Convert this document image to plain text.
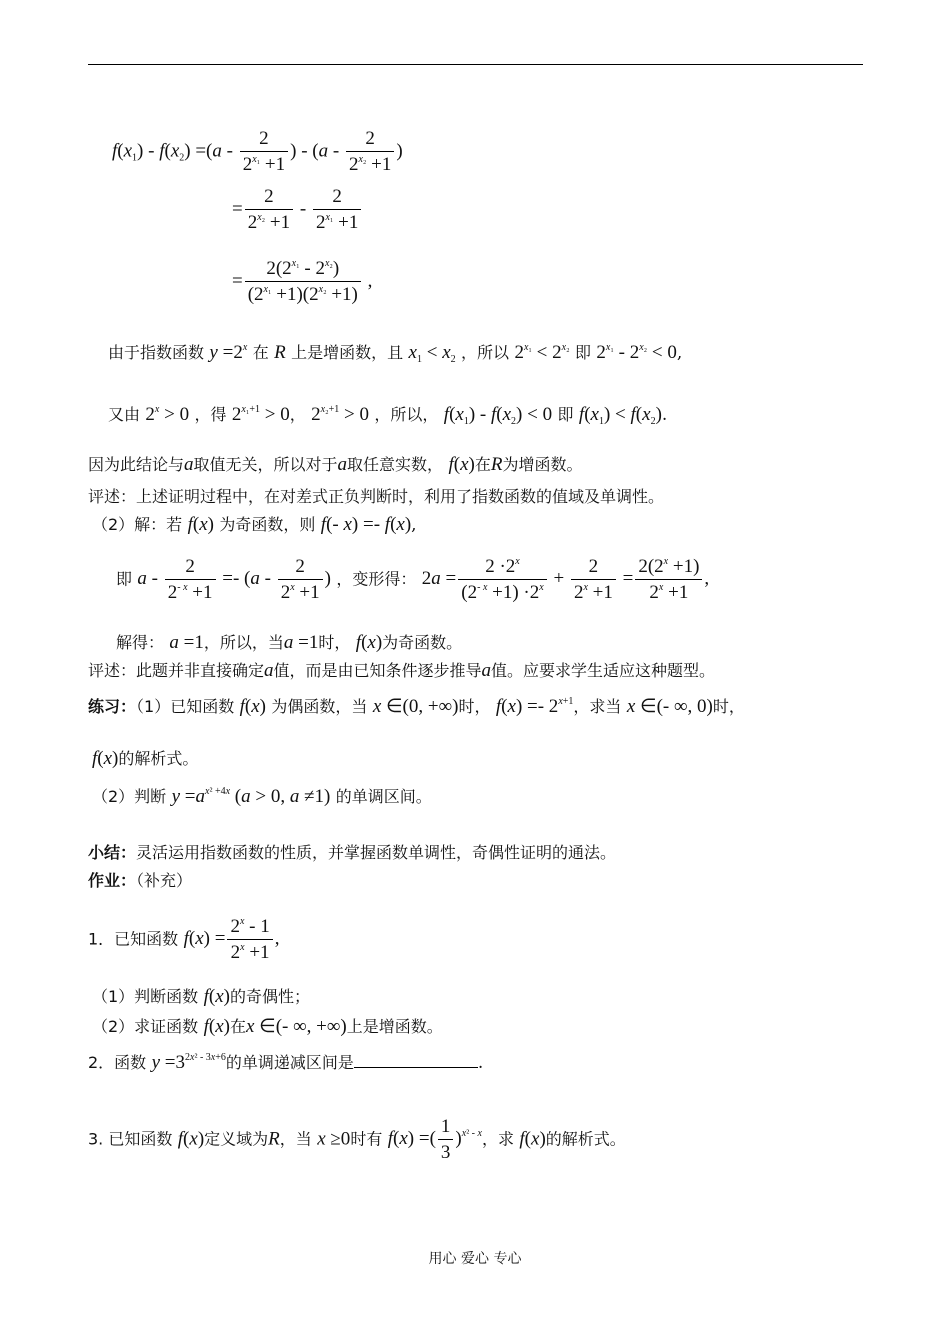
$f(x_1) - f(x_2) =(a - \frac{2}{2^{x_1} +1}$ ) - ($a - \frac{2}{2^{x_2} +1}$ )
= $\frac{2}{2^{x_2} +1} - \frac{2}{2^{x_1} +1}$
= $\frac{2(2^{x_1} - 2^{x_2})}{(2^{x_1} +1)(2^{x_2} +1)}$ ,
由于指数函数 $y =2^x$ 在 R 上是增函数，且 $x_1 < x_2$ ，所以 $2^{x_1} < 2^{x_2}$ 即 $2^{x_1} - 2^{x_2} < 0$,
又由 $2^x > 0$ ，得 $2^{x_1+1} > 0$， $2^{x_2+1} > 0$ ，所以， $f(x_1) - f(x_2) < 0$ 即 $f(x_1) < f(x_2)$.
因为此结论与a取值无关，所以对于a取任意实数， f(x)在R为增函数。
评述：上述证明过程中，在对差式正负判断时，利用了指数函数的值域及单调性。
（2）解：若 f(x) 为奇函数，则 f(- x) =- f(x),
即 $a - \frac{2}{2^{- x} +1} =- (a - \frac{2}{2^x +1}$ ) ，变形得： $2a = \frac{2 \cdot 2^x}{(2^{- x} +1) \cdot 2^x} + \frac{2}{2^x +1} = \frac{2(2^x +1)}{2^x +1}$ ,
解得： a =1，所以，当a =1时， f(x)为奇函数。
评述：此题并非直接确定a值，而是由已知条件逐步推导a值。应要求学生适应这种题型。
练习：（1）已知函数 f(x) 为偶函数，当 x ∈(0, +∞)时， $f(x) =- 2^{x+1}$，求当 x ∈(- ∞, 0)时，
f(x)的解析式。
（2）判断 $y =a^{x^2 +4x}$ (a > 0, a ≠1) 的单调区间。
小结：灵活运用指数函数的性质，并掌握函数单调性，奇偶性证明的通法。
作业：（补充）
1．已知函数 $f(x) = \frac{2^x - 1}{2^x +1}$ ,
（1）判断函数 f(x)的奇偶性；
（2）求证函数 f(x)在x ∈(- ∞, +∞)上是增函数。
2．函数 $y =3^{2x^2 - 3x+6}$的单调递减区间是	.
3. 已知函数 f(x)定义域为R，当 x ≥0时有 f(x) =( $\frac{1}{3} )^{x^2 - x}$，求 f(x)的解析式。
用心 爱心 专心
